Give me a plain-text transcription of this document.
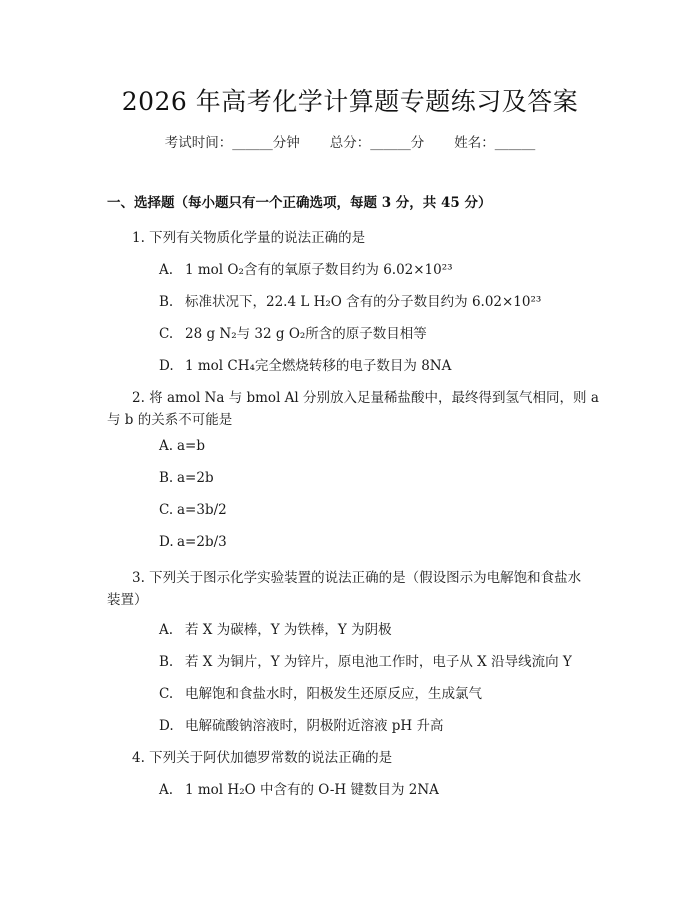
2026 年高考化学计算题专题练习及答案
考试时间：______分钟 总分：______分 姓名：______
一、选择题（每小题只有一个正确选项，每题 3 分，共 45 分）
1. 下列有关物质化学量的说法正确的是
A. 1 mol O₂含有的氧原子数目约为 6.02×10²³
B. 标准状况下，22.4 L H₂O 含有的分子数目约为 6.02×10²³
C. 28 g N₂与 32 g O₂所含的原子数目相等
D. 1 mol CH₄完全燃烧转移的电子数目为 8NA
2. 将 amol Na 与 bmol Al 分别放入足量稀盐酸中，最终得到氢气相同，则 a
与 b 的关系不可能是
A. a=b
B. a=2b
C. a=3b/2
D. a=2b/3
3. 下列关于图示化学实验装置的说法正确的是（假设图示为电解饱和食盐水
装置）
A. 若 X 为碳棒，Y 为铁棒，Y 为阴极
B. 若 X 为铜片，Y 为锌片，原电池工作时，电子从 X 沿导线流向 Y
C. 电解饱和食盐水时，阳极发生还原反应，生成氯气
D. 电解硫酸钠溶液时，阴极附近溶液 pH 升高
4. 下列关于阿伏加德罗常数的说法正确的是
A. 1 mol H₂O 中含有的 O-H 键数目为 2NA
